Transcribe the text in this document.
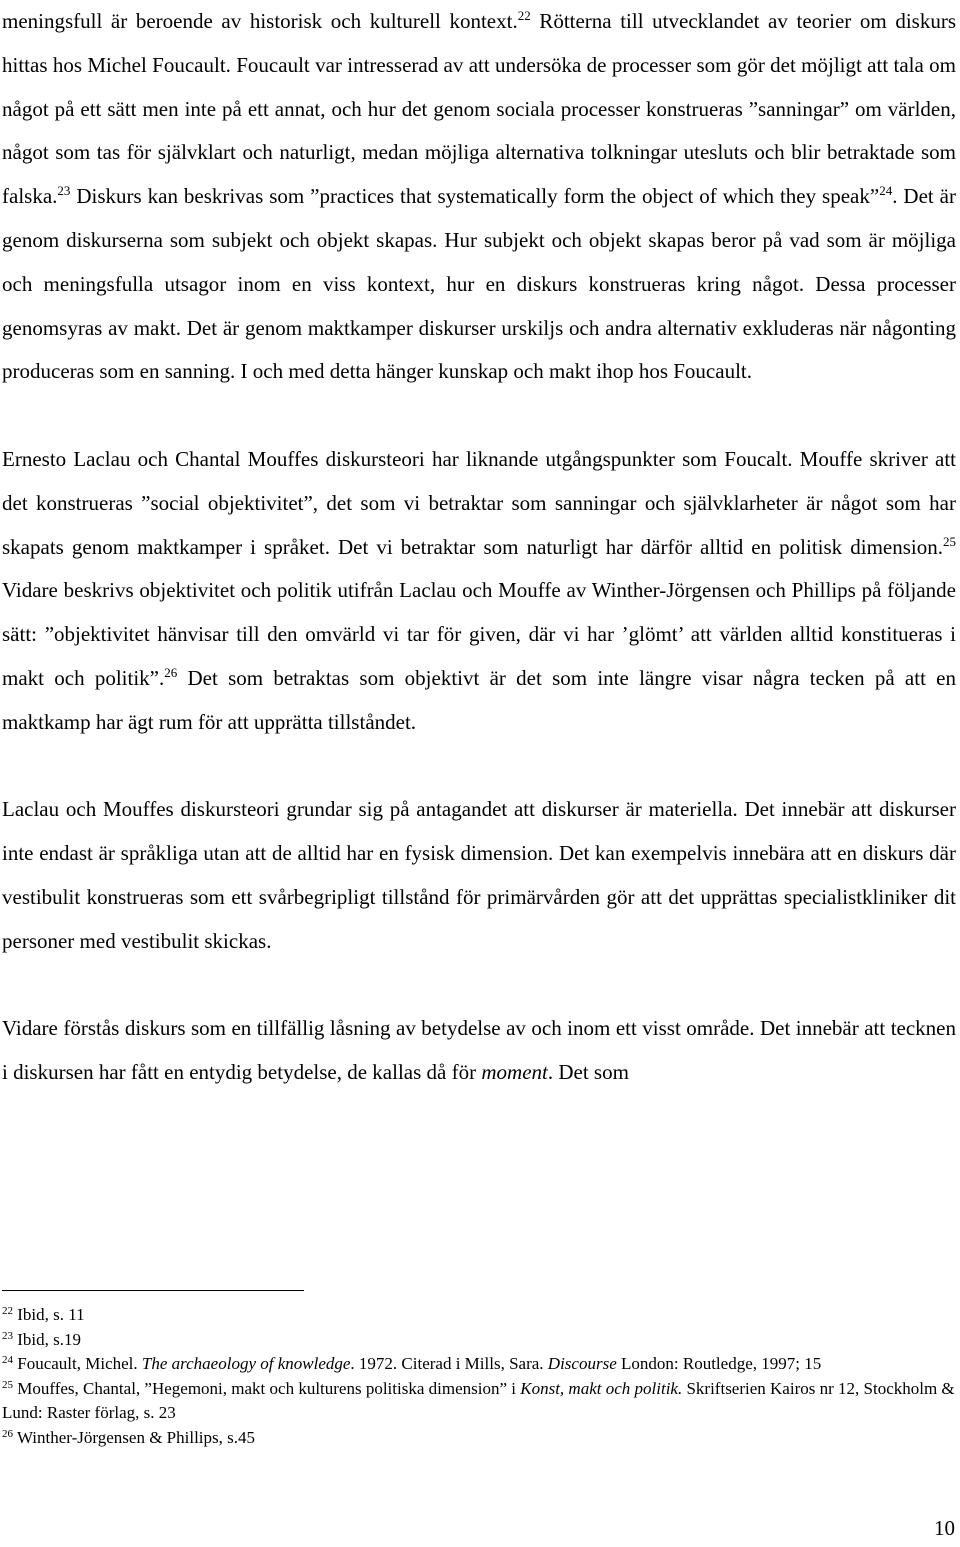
meningsfull är beroende av historisk och kulturell kontext.$^{22}$ Rötterna till utvecklandet av teorier om diskurs hittas hos Michel Foucault. Foucault var intresserad av att undersöka de processer som gör det möjligt att tala om något på ett sätt men inte på ett annat, och hur det genom sociala processer konstrueras ”sanningar” om världen, något som tas för självklart och naturligt, medan möjliga alternativa tolkningar utesluts och blir betraktade som falska.$^{23}$ Diskurs kan beskrivas som ”practices that systematically form the object of which they speak”$^{24}$. Det är genom diskurserna som subjekt och objekt skapas. Hur subjekt och objekt skapas beror på vad som är möjliga och meningsfulla utsagor inom en viss kontext, hur en diskurs konstrueras kring något. Dessa processer genomsyras av makt. Det är genom maktkamper diskurser urskiljs och andra alternativ exkluderas när någonting produceras som en sanning. I och med detta hänger kunskap och makt ihop hos Foucault.

Ernesto Laclau och Chantal Mouffes diskursteori har liknande utgångspunkter som Foucalt. Mouffe skriver att det konstrueras ”social objektivitet”, det som vi betraktar som sanningar och självklarheter är något som har skapats genom maktkamper i språket. Det vi betraktar som naturligt har därför alltid en politisk dimension.$^{25}$ Vidare beskrivs objektivitet och politik utifrån Laclau och Mouffe av Winther-Jörgensen och Phillips på följande sätt: ”objektivitet hänvisar till den omvärld vi tar för given, där vi har ’glömt’ att världen alltid konstitueras i makt och politik”.$^{26}$ Det som betraktas som objektivt är det som inte längre visar några tecken på att en maktkamp har ägt rum för att upprätta tillståndet.

Laclau och Mouffes diskursteori grundar sig på antagandet att diskurser är materiella. Det innebär att diskurser inte endast är språkliga utan att de alltid har en fysisk dimension. Det kan exempelvis innebära att en diskurs där vestibulit konstrueras som ett svårbegripligt tillstånd för primärvården gör att det upprättas specialistkliniker dit personer med vestibulit skickas.

Vidare förstås diskurs som en tillfällig låsning av betydelse av och inom ett visst område. Det innebär att tecknen i diskursen har fått en entydig betydelse, de kallas då för moment. Det som

$^{22}$ Ibid, s. 11

$^{23}$ Ibid, s.19

$^{24}$ Foucault, Michel. The archaeology of knowledge. 1972. Citerad i Mills, Sara. Discourse London: Routledge, 1997; 15

$^{25}$ Mouffes, Chantal, ”Hegemoni, makt och kulturens politiska dimension” i Konst, makt och politik. Skriftserien Kairos nr 12, Stockholm & Lund: Raster förlag, s. 23

$^{26}$ Winther-Jörgensen & Phillips, s.45

10
